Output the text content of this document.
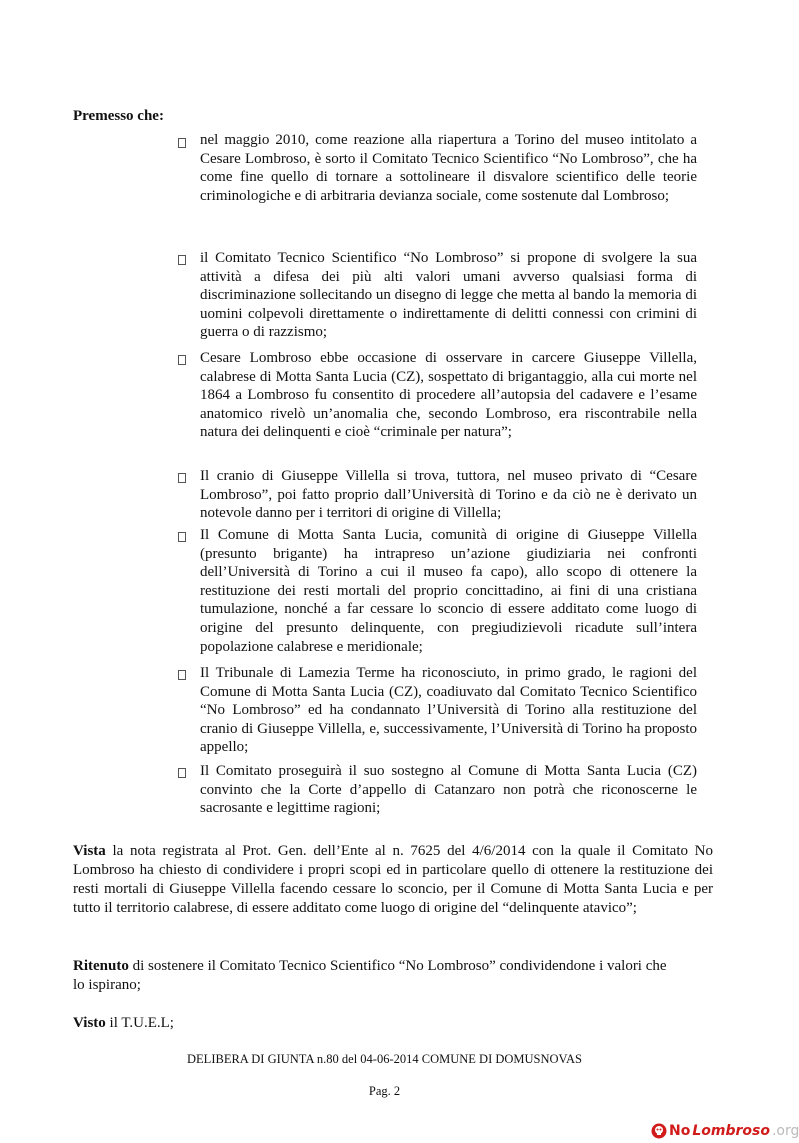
Premesso che:
nel maggio 2010, come reazione alla riapertura a Torino del museo intitolato a Cesare Lombroso, è sorto il Comitato Tecnico Scientifico “No Lombroso”, che ha come fine quello di tornare a sottolineare il disvalore scientifico delle teorie criminologiche e di arbitraria devianza sociale, come sostenute dal Lombroso;
il Comitato Tecnico Scientifico “No Lombroso” si propone di svolgere la sua attività a difesa dei più alti valori umani avverso qualsiasi forma di discriminazione sollecitando un disegno di legge che metta al bando la memoria di uomini colpevoli direttamente o indirettamente di delitti connessi con crimini di guerra o di razzismo;
Cesare Lombroso ebbe occasione di osservare in carcere Giuseppe Villella, calabrese di Motta Santa Lucia (CZ), sospettato di brigantaggio, alla cui morte nel 1864 a Lombroso fu consentito di procedere all’autopsia del cadavere e l’esame anatomico rivelò un’anomalia che, secondo Lombroso, era riscontrabile nella natura dei delinquenti e cioè “criminale per natura”;
Il cranio di Giuseppe Villella si trova, tuttora, nel museo privato di “Cesare Lombroso”, poi fatto proprio dall’Università di Torino e da ciò ne è derivato un notevole danno per i territori di origine di Villella;
Il Comune di Motta Santa Lucia, comunità di origine di Giuseppe Villella (presunto brigante) ha intrapreso un’azione giudiziaria nei confronti dell’Università di Torino a cui il museo fa capo), allo scopo di ottenere la restituzione dei resti mortali del proprio concittadino, ai fini di una cristiana tumulazione, nonché a far cessare lo sconcio di essere additato come luogo di origine del presunto delinquente, con pregiudizievoli ricadute sull’intera popolazione calabrese e meridionale;
Il Tribunale di Lamezia Terme ha riconosciuto, in primo grado, le ragioni del Comune di Motta Santa Lucia (CZ), coadiuvato dal Comitato Tecnico Scientifico “No Lombroso” ed ha condannato l’Università di Torino alla restituzione del cranio di Giuseppe Villella, e, successivamente, l’Università di Torino ha proposto appello;
Il Comitato proseguirà il suo sostegno al Comune di Motta Santa Lucia (CZ) convinto che la Corte d’appello di Catanzaro non potrà che riconoscerne le sacrosante e legittime ragioni;
Vista la nota registrata al Prot. Gen. dell’Ente al n. 7625 del 4/6/2014 con la quale il Comitato No Lombroso ha chiesto di condividere i propri scopi ed in particolare quello di ottenere la restituzione dei resti mortali di Giuseppe Villella facendo cessare lo sconcio, per il Comune di Motta Santa Lucia e per tutto il territorio calabrese, di essere additato come luogo di origine del “delinquente atavico”;
Ritenuto di sostenere il Comitato Tecnico Scientifico “No Lombroso” condividendone i valori che lo ispirano;
Visto il T.U.E.L;
DELIBERA DI GIUNTA n.80 del 04-06-2014 COMUNE DI DOMUSNOVAS
Pag. 2
No Lombroso .org
